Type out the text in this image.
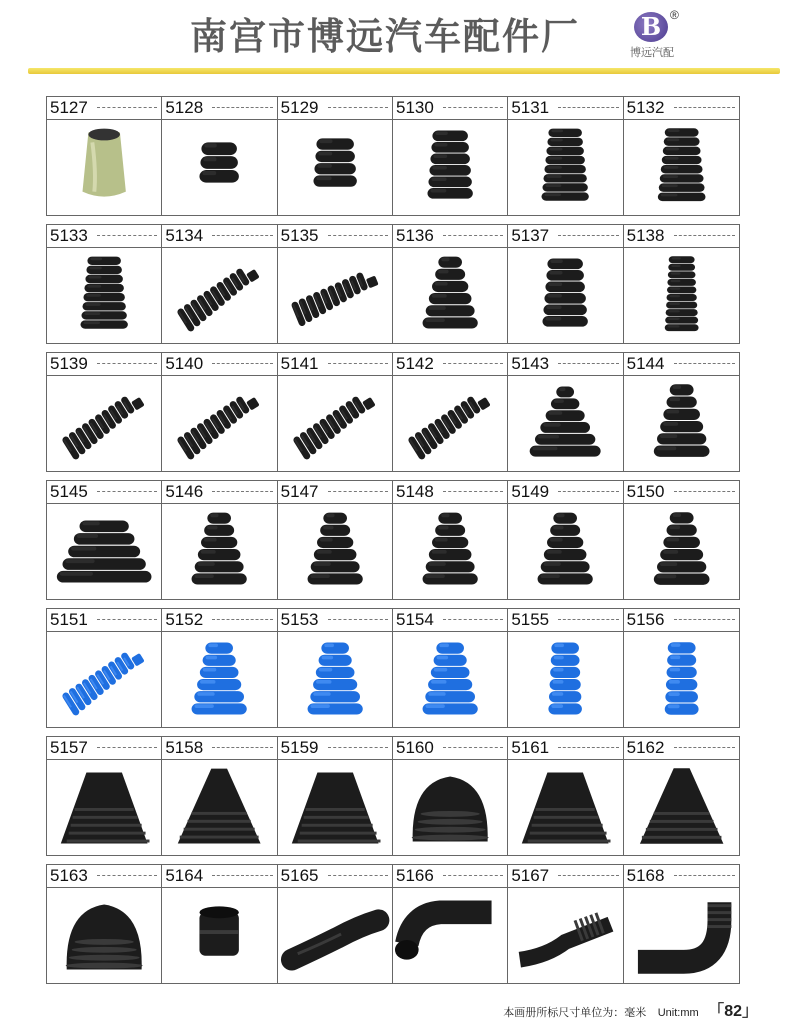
南宫市博远汽车配件厂	B ®
博远汽配
5127	5128	5129	5130	5131	5132
5133	5134	5135	5136	5137	5138
5139	5140	5141	5142	5143	5144
5145	5146	5147	5148	5149	5150
5151	5152	5153	5154	5155	5156
5157	5158	5159	5160	5161	5162
5163	5164	5165	5166	5167	5168
本画册所标尺寸单位为：毫米 Unit:mm 「82」
